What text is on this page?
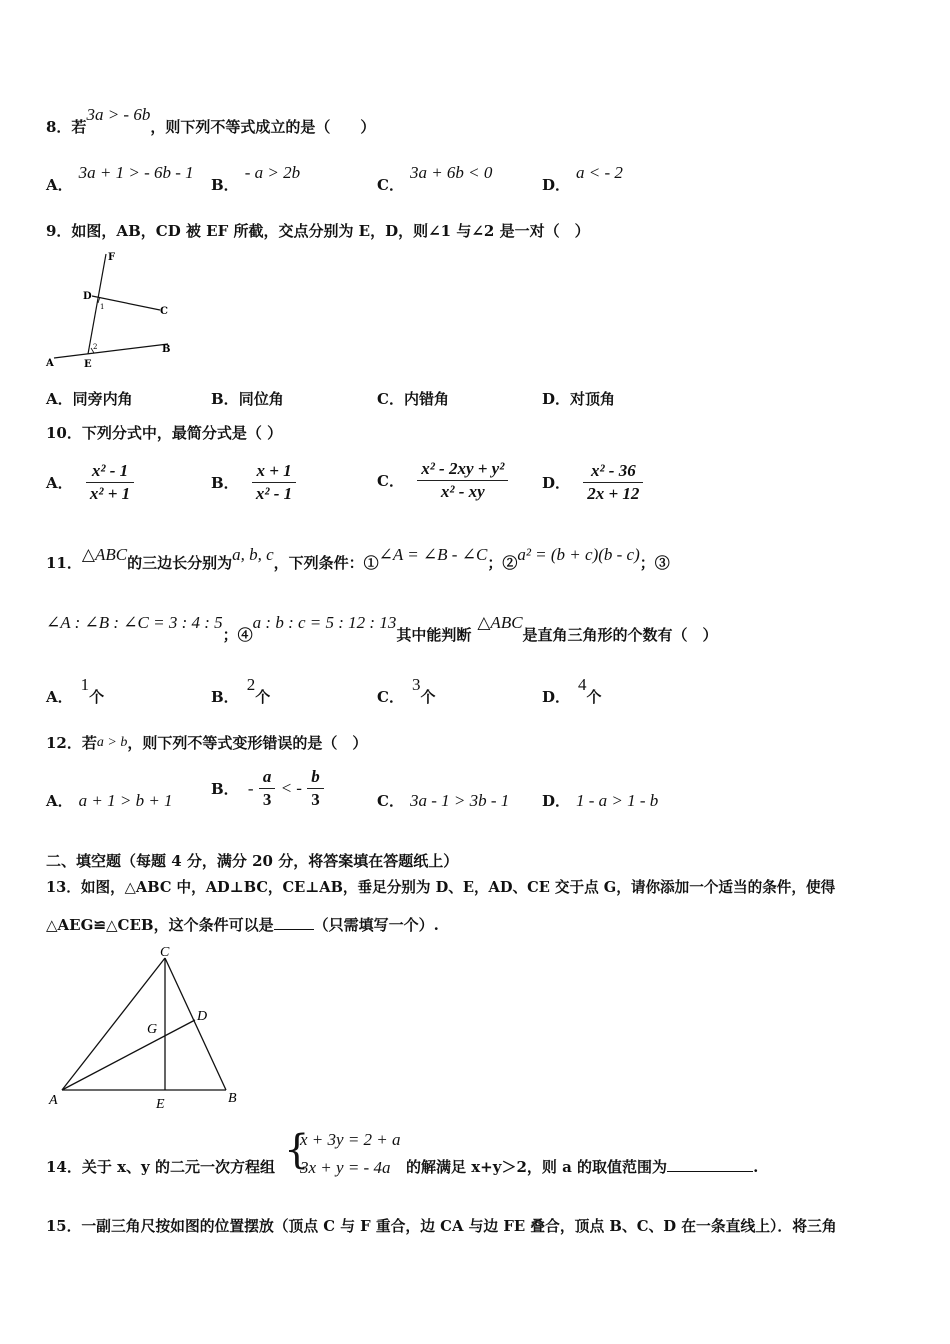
8．若3a > - 6b，则下列不等式成立的是（　　）
A．3a + 1 > - 6b - 1
B．- a > 2b
C．3a + 6b < 0
D．a < - 2
9．如图，AB，CD 被 EF 所截，交点分别为 E，D，则∠1 与∠2 是一对（　）
F
D
C
1
2
A	E
B
A．同旁内角	B．同位角	C．内错角	D．对顶角
10．下列分式中，最简分式是（ ）
A． $\frac{\text{x² - 1}}{\text{x² + 1}}$	B． $\frac{x + 1}{\text{x² - 1}}$	C． $\frac{\text{x² - 2xy + y²}}{\text{x² - xy}}$ D． $\frac{\text{x² - 36}}{2x + 12}$
11．△ABC的三边长分别为a, b, c，下列条件：①∠A = ∠B - ∠C；②a² = (b + c)(b - c)；③
∠A : ∠B : ∠C = 3 : 4 : 5；④a : b : c = 5 : 12 : 13其中能判断△ABC是直角三角形的个数有（　）
A．1个	B．2个	C．3个	D．4个
12．若a > b，则下列不等式变形错误的是（　）
A． a + 1 > b + 1
B． - $\frac{a}{3}$ < - $\frac{b}{3}$	C． 3a - 1 > 3b - 1 D． 1 - a > 1 - b
二、填空题（每题 4 分，满分 20 分，将答案填在答题纸上）
13．如图，△ABC 中，AD⊥BC，CE⊥AB，垂足分别为 D、E，AD、CE 交于点 G，请你添加一个适当的条件，使得
△AEG≌△CEB，这个条件可以是	（只需填写一个）.
C
G
D
A	E	B
14．关于 x、y 的二元一次方程组 {
x + 3y = 2 + a
3x + y = - 4a 的解满足 x+y＞2，则 a 的取值范围为	.
15．一副三角尺按如图的位置摆放（顶点 C 与 F 重合，边 CA 与边 FE 叠合，顶点 B、C、D 在一条直线上）．将三角
